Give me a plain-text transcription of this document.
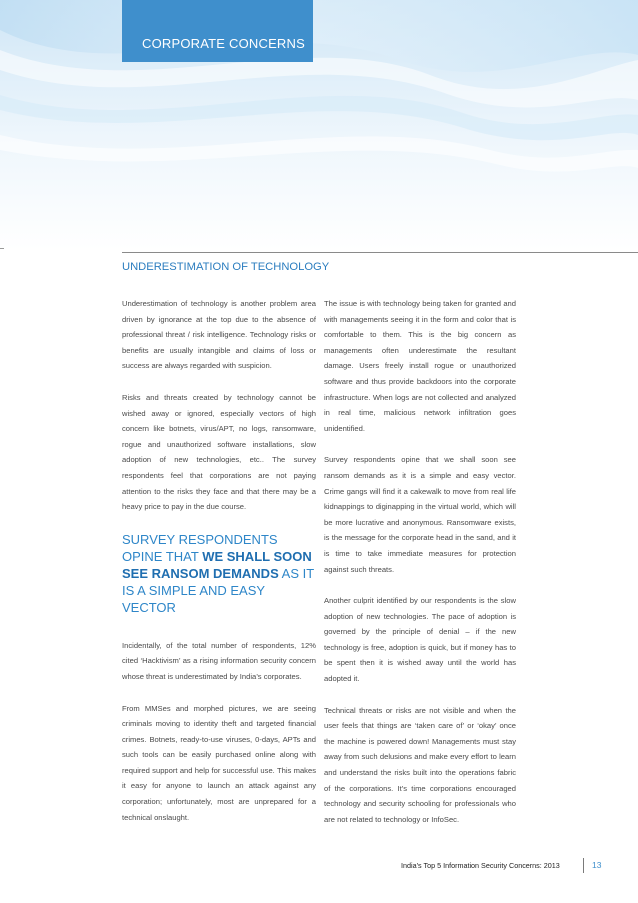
CORPORATE CONCERNS
UNDERESTIMATION OF TECHNOLOGY

Underestimation of technology is another problem area driven by ignorance at the top due to the absence of professional threat / risk intelligence. Technology risks or benefits are usually intangible and claims of loss or success are always regarded with suspicion.

Risks and threats created by technology cannot be wished away or ignored, especially vectors of high concern like botnets, virus/APT, no logs, ransomware, rogue and unauthorized software installations, slow adoption of new technologies, etc.. The survey respondents feel that corporations are not paying attention to the risks they face and that there may be a heavy price to pay in the due course.

SURVEY RESPONDENTS OPINE THAT WE SHALL SOON SEE RANSOM DEMANDS AS IT IS A SIMPLE AND EASY VECTOR

Incidentally, of the total number of respondents, 12% cited ‘Hacktivism’ as a rising information security concern whose threat is underestimated by India’s corporates.

From MMSes and morphed pictures, we are seeing criminals moving to identity theft and targeted financial crimes. Botnets, ready-to-use viruses, 0-days, APTs and such tools can be easily purchased online along with required support and help for successful use. This makes it easy for anyone to launch an attack against any corporation; unfortunately, most are unprepared for a technical onslaught.

The issue is with technology being taken for granted and with managements seeing it in the form and color that is comfortable to them. This is the big concern as managements often underestimate the resultant damage. Users freely install rogue or unauthorized software and thus provide backdoors into the corporate infrastructure. When logs are not collected and analyzed in real time, malicious network infiltration goes unidentified.

Survey respondents opine that we shall soon see ransom demands as it is a simple and easy vector. Crime gangs will find it a cakewalk to move from real life kidnappings to diginapping in the virtual world, which will be more lucrative and anonymous. Ransomware exists, is the message for the corporate head in the sand, and it is time to take immediate measures for protection against such threats.

Another culprit identified by our respondents is the slow adoption of new technologies. The pace of adoption is governed by the principle of denial – if the new technology is free, adoption is quick, but if money has to be spent then it is wished away until the world has adopted it.

Technical threats or risks are not visible and when the user feels that things are ‘taken care of’ or ‘okay’ once the machine is powered down! Managements must stay away from such delusions and make every effort to learn and understand the risks built into the operations fabric of the corporations. It’s time corporations encouraged technology and security schooling for professionals who are not related to technology or InfoSec.

India’s Top 5 Information Security Concerns: 2013	13
